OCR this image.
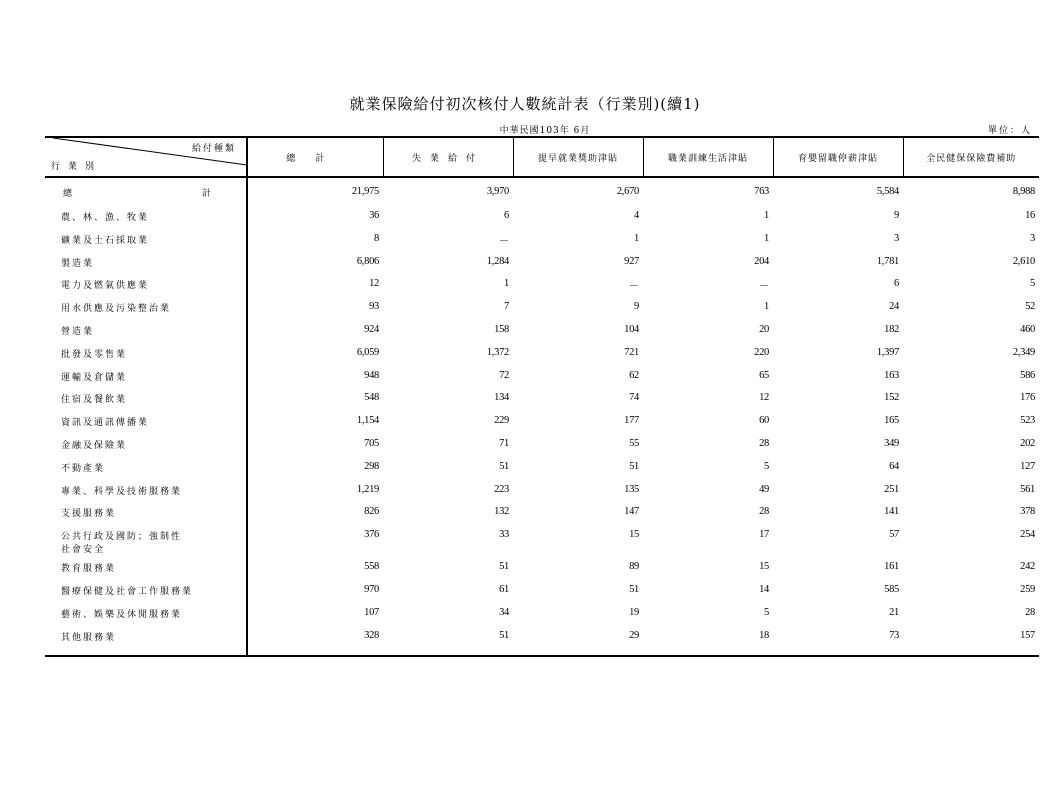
就業保險給付初次核付人數統計表（行業別)(續1)
中華民國103年 6月	單位：人
給付種類
行業別	總計	失業給付	提早就業獎助津貼	職業訓練生活津貼	育嬰留職停薪津貼	全民健保保險費補助
總 計	21,975	3,970	2,670	763	5,584	8,988
農、林、漁、牧業	36	6	4	1	9	16
礦業及土石採取業	8	－	1	1	3	3
製造業	6,806	1,284	927	204	1,781	2,610
電力及燃氣供應業	12	1	－	－	6	5
用水供應及污染整治業	93	7	9	1	24	52
營造業	924	158	104	20	182	460
批發及零售業	6,059	1,372	721	220	1,397	2,349
運輸及倉儲業	948	72	62	65	163	586
住宿及餐飲業	548	134	74	12	152	176
資訊及通訊傳播業	1,154	229	177	60	165	523
金融及保險業	705	71	55	28	349	202
不動產業	298	51	51	5	64	127
專業、科學及技術服務業	1,219	223	135	49	251	561
支援服務業	826	132	147	28	141	378
公共行政及國防；強制性
社會安全	376	33	15	17	57	254
教育服務業	558	51	89	15	161	242
醫療保健及社會工作服務業	970	61	51	14	585	259
藝術、娛樂及休閒服務業	107	34	19	5	21	28
其他服務業	328	51	29	18	73	157
